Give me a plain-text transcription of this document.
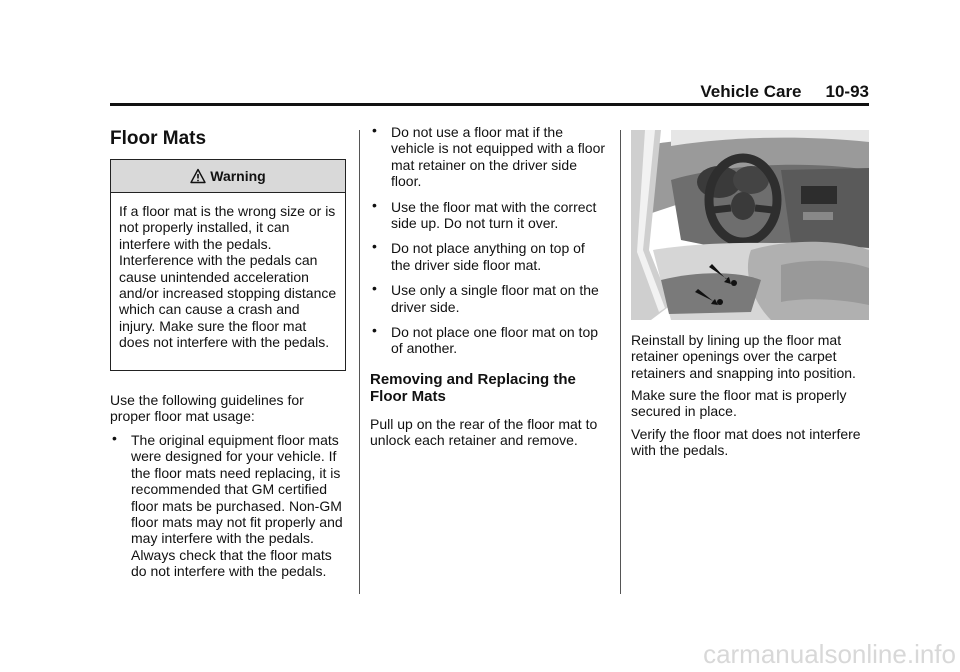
Vehicle Care 10-93
Floor Mats
Warning
If a floor mat is the wrong size or is not properly installed, it can interfere with the pedals. Interference with the pedals can cause unintended acceleration and/or increased stopping distance which can cause a crash and injury. Make sure the floor mat does not interfere with the pedals.
Use the following guidelines for proper floor mat usage:
• The original equipment floor mats were designed for your vehicle. If the floor mats need replacing, it is recommended that GM certified floor mats be purchased. Non-GM floor mats may not fit properly and may interfere with the pedals. Always check that the floor mats do not interfere with the pedals.
• Do not use a floor mat if the vehicle is not equipped with a floor mat retainer on the driver side floor.
• Use the floor mat with the correct side up. Do not turn it over.
• Do not place anything on top of the driver side floor mat.
• Use only a single floor mat on the driver side.
• Do not place one floor mat on top of another.
Removing and Replacing the Floor Mats
Pull up on the rear of the floor mat to unlock each retainer and remove.
Reinstall by lining up the floor mat retainer openings over the carpet retainers and snapping into position.
Make sure the floor mat is properly secured in place.
Verify the floor mat does not interfere with the pedals.
carmanualsonline.info
